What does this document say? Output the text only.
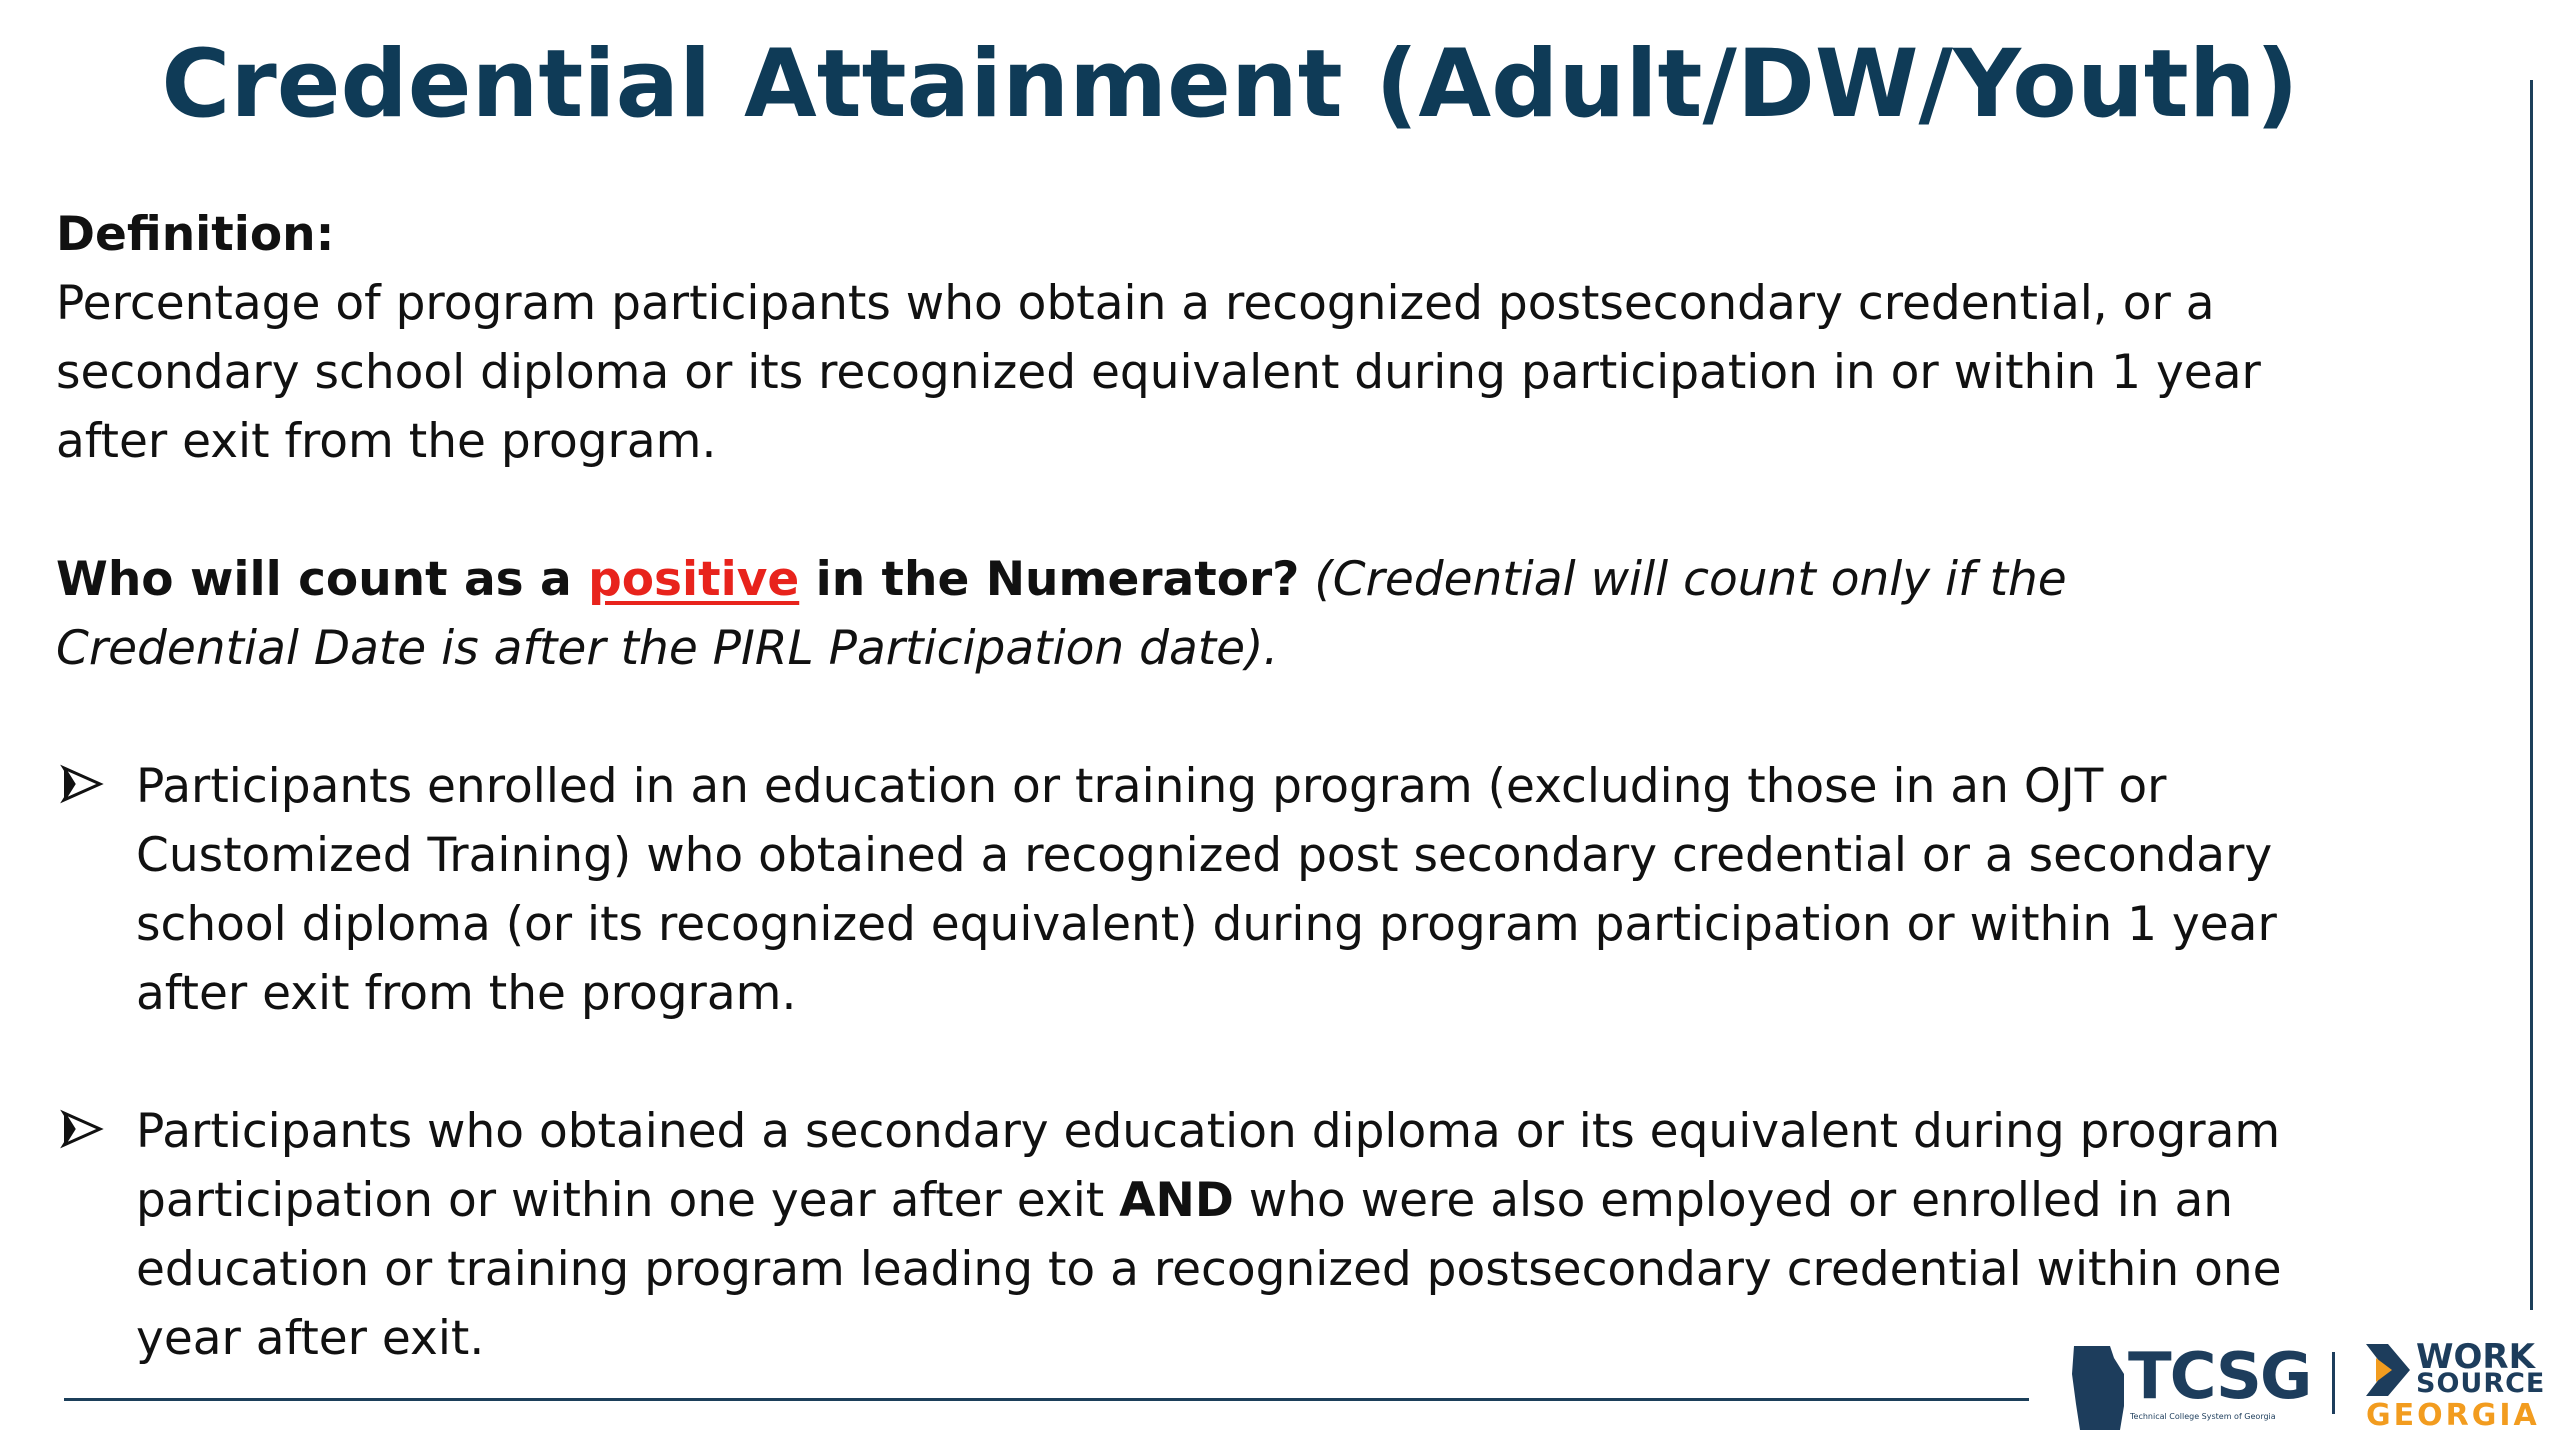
Credential Attainment (Adult/DW/Youth)

Definition:

Percentage of program participants who obtain a recognized postsecondary credential, or a secondary school diploma or its recognized equivalent during participation in or within 1 year after exit from the program.

Who will count as a positive in the Numerator? (Credential will count only if the Credential Date is after the PIRL Participation date).

Participants enrolled in an education or training program (excluding those in an OJT or Customized Training) who obtained a recognized post secondary credential or a secondary school diploma (or its recognized equivalent) during program participation or within 1 year after exit from the program.

Participants who obtained a secondary education diploma or its equivalent during program participation or within one year after exit AND who were also employed or enrolled in an education or training program leading to a recognized postsecondary credential within one year after exit.

TCSG
Technical College System of Georgia
WORK
SOURCE
GEORGIA
